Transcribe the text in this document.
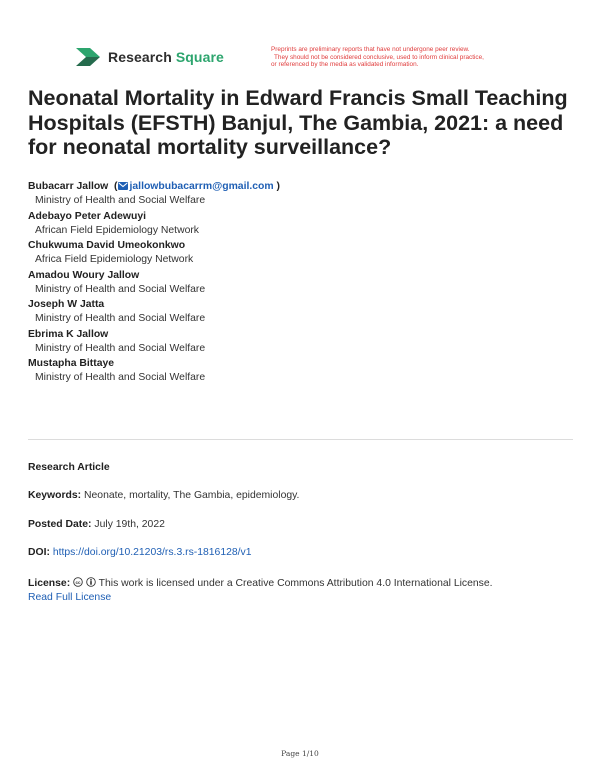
Research Square	Preprints are preliminary reports that have not undergone peer review.
They should not be considered conclusive, used to inform clinical practice,
or referenced by the media as validated information.
Neonatal Mortality in Edward Francis Small Teaching Hospitals (EFSTH) Banjul, The Gambia, 2021: a need for neonatal mortality surveillance?
Bubacarr Jallow  ( jallowbubacarrm@gmail.com )
Ministry of Health and Social Welfare
Adebayo Peter Adewuyi
African Field Epidemiology Network
Chukwuma David Umeokonkwo
Africa Field Epidemiology Network
Amadou Woury Jallow
Ministry of Health and Social Welfare
Joseph W Jatta
Ministry of Health and Social Welfare
Ebrima K Jallow
Ministry of Health and Social Welfare
Mustapha Bittaye
Ministry of Health and Social Welfare
Research Article
Keywords: Neonate, mortality, The Gambia, epidemiology.
Posted Date: July 19th, 2022
DOI: https://doi.org/10.21203/rs.3.rs-1816128/v1
License: cc This work is licensed under a Creative Commons Attribution 4.0 International License.
Read Full License
Page 1/10
